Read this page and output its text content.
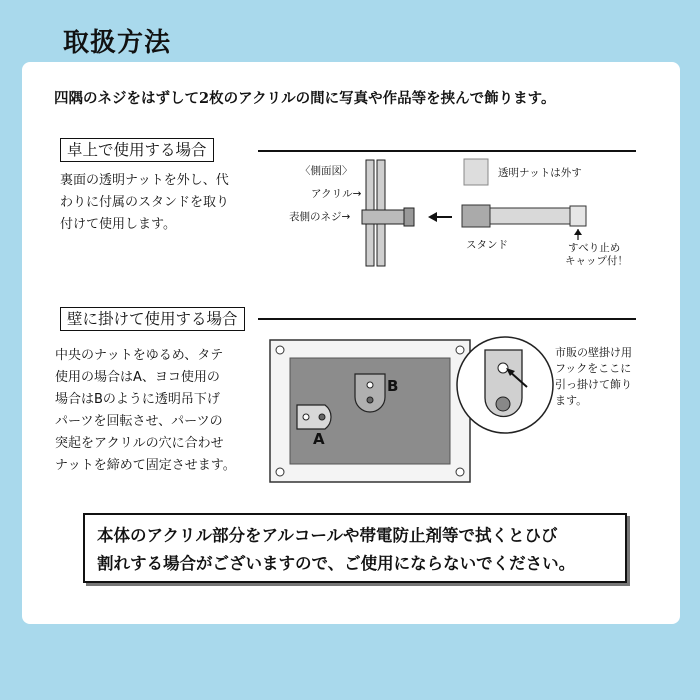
取扱方法
四隅のネジをはずして2枚のアクリルの間に写真や作品等を挟んで飾ります。
卓上で使用する場合
裏面の透明ナットを外し、代
わりに付属のスタンドを取り
付けて使用します。
〈側面図〉
アクリル→
表側のネジ→
透明ナットは外す
スタンド	すべり止め
キャップ付！
壁に掛けて使用する場合
中央のナットをゆるめ、タテ
使用の場合はA、ヨコ使用の
場合はBのように透明吊下げ
パーツを回転させ、パーツの
突起をアクリルの穴に合わせ
ナットを締めて固定させます。
B
A
市販の壁掛け用
フックをここに
引っ掛けて飾り
ます。
本体のアクリル部分をアルコールや帯電防止剤等で拭くとひび
割れする場合がございますので、ご使用にならないでください。
